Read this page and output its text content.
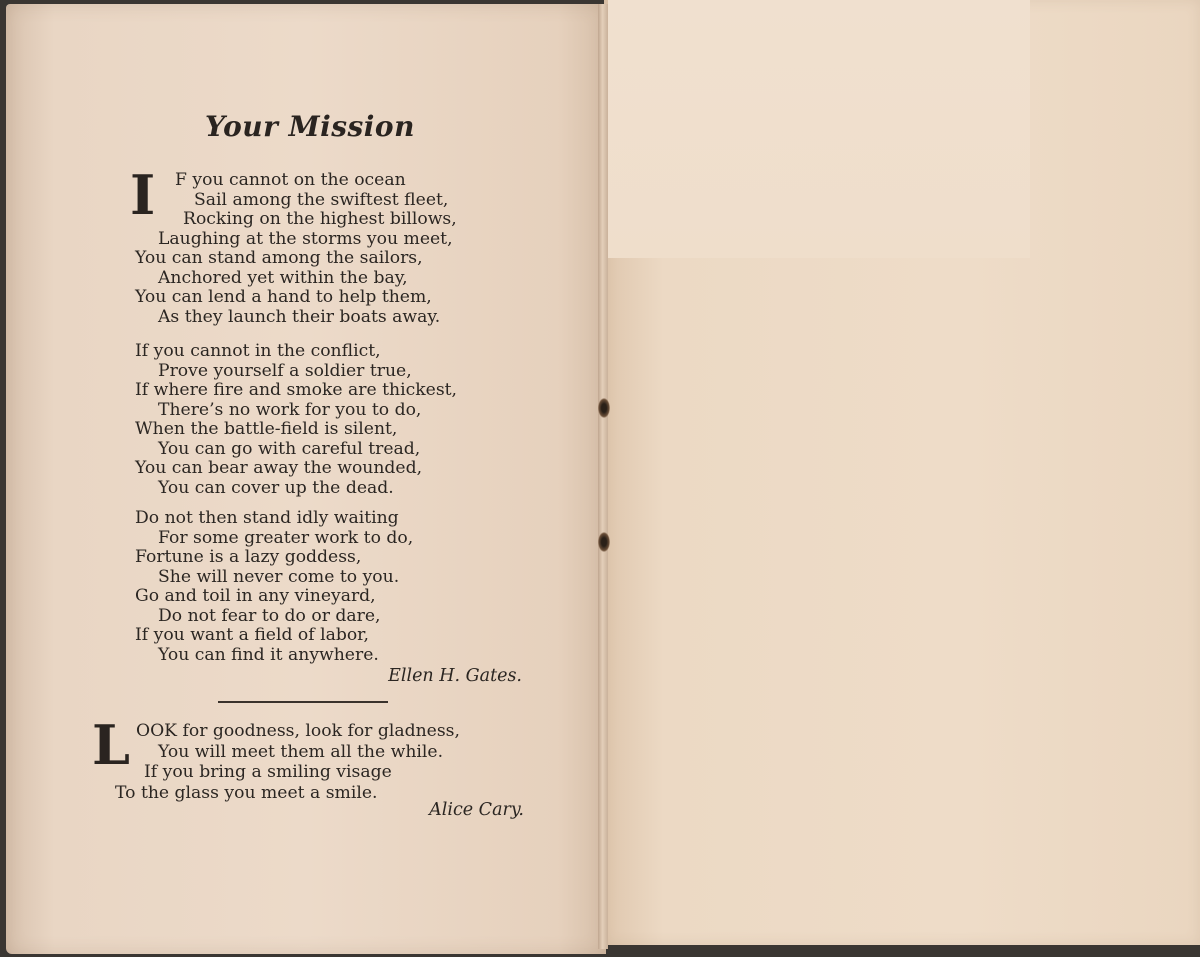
Your Mission
I F you cannot on the ocean
Sail among the swiftest fleet,
Rocking on the highest billows,
Laughing at the storms you meet,
You can stand among the sailors,
Anchored yet within the bay,
You can lend a hand to help them,
As they launch their boats away.
If you cannot in the conflict,
Prove yourself a soldier true,
If where fire and smoke are thickest,
There’s no work for you to do,
When the battle-field is silent,
You can go with careful tread,
You can bear away the wounded,
You can cover up the dead.
Do not then stand idly waiting
For some greater work to do,
Fortune is a lazy goddess,
She will never come to you.
Go and toil in any vineyard,
Do not fear to do or dare,
If you want a field of labor,
You can find it anywhere.
Ellen H. Gates.
L OOK for goodness, look for gladness,
You will meet them all the while.
If you bring a smiling visage
To the glass you meet a smile.
Alice Cary.
